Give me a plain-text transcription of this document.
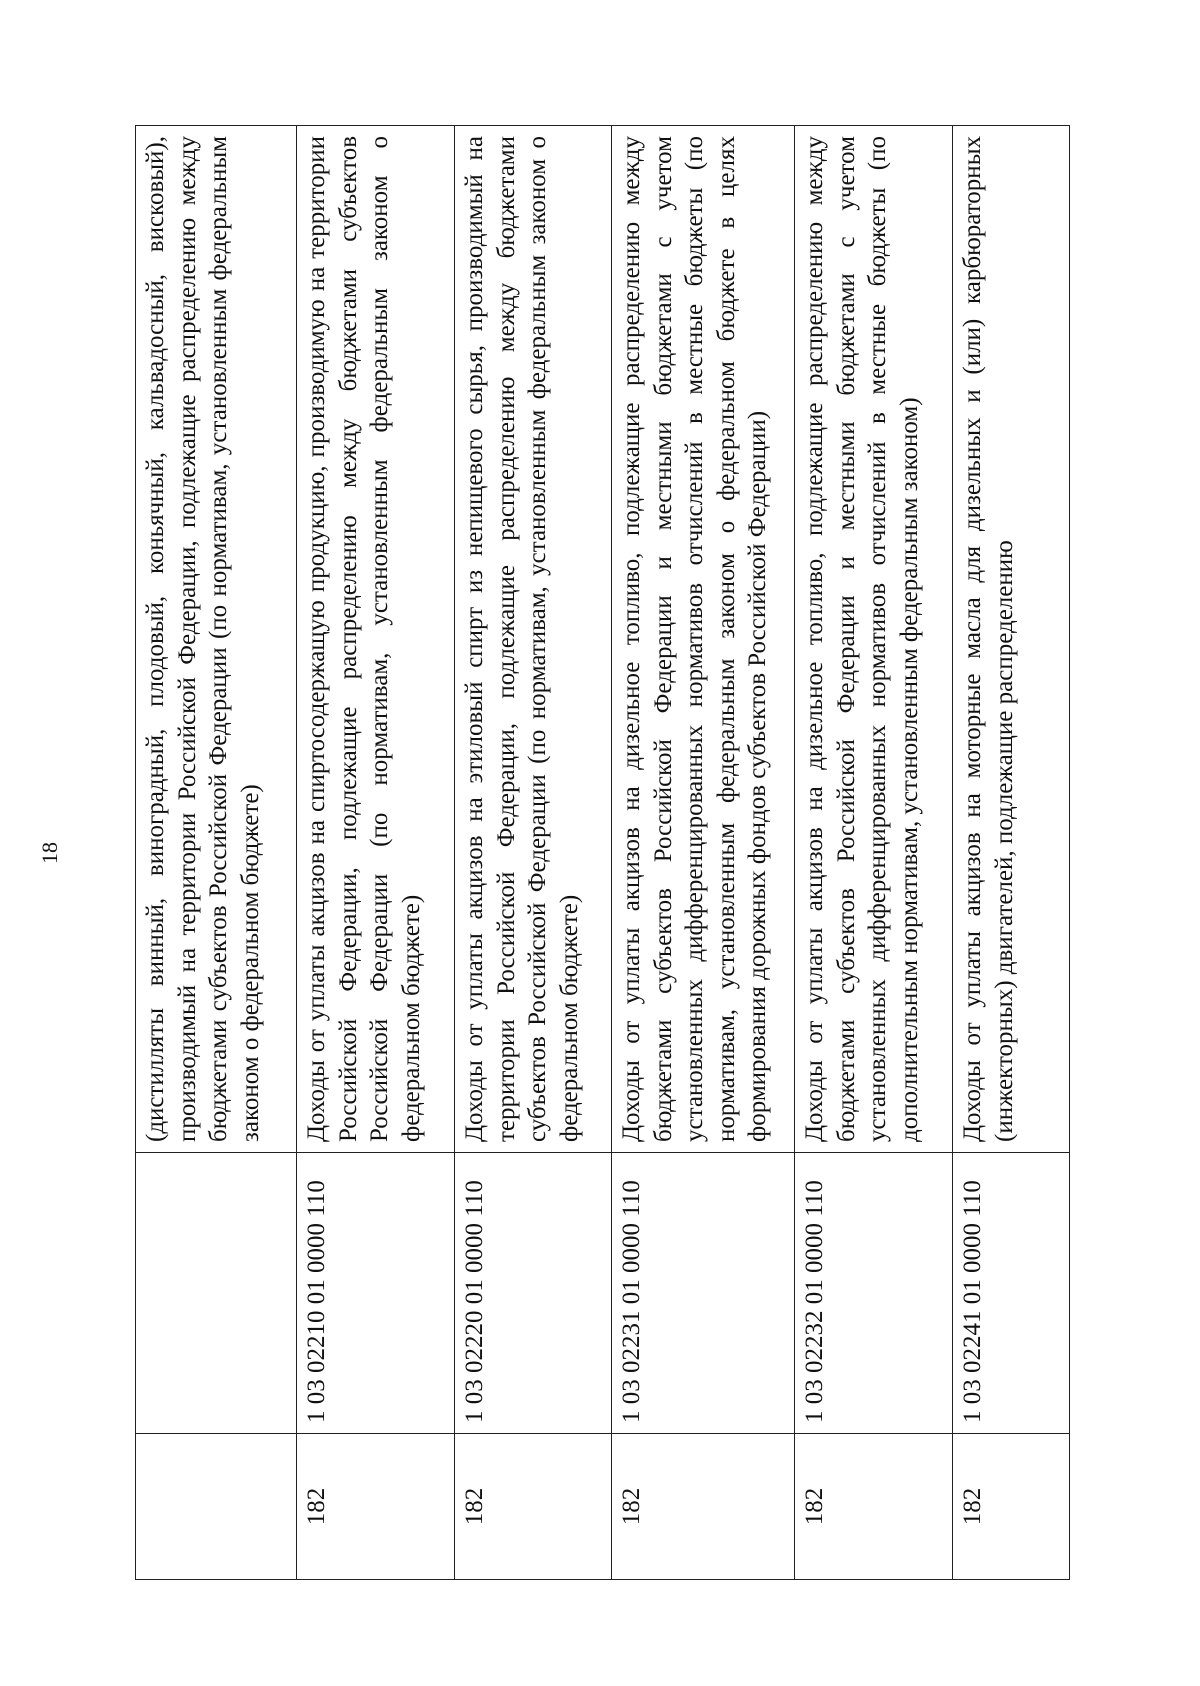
18
			(дистилляты винный, виноградный, плодовый, коньячный, кальвадосный, висковый), производимый на территории Российской Федерации, подлежащие распределению между бюджетами субъектов Российской Федерации (по нормативам, установленным федеральным законом о федеральном бюджете)
182	1 03 02210 01 0000 110	Доходы от уплаты акцизов на спиртосодержащую продукцию, производимую на территории Российской Федерации, подлежащие распределению между бюджетами субъектов Российской Федерации (по нормативам, установленным федеральным законом о федеральном бюджете)
182	1 03 02220 01 0000 110	Доходы от уплаты акцизов на этиловый спирт из непищевого сырья, производимый на территории Российской Федерации, подлежащие распределению между бюджетами субъектов Российской Федерации (по нормативам, установленным федеральным законом о федеральном бюджете)
182	1 03 02231 01 0000 110	Доходы от уплаты акцизов на дизельное топливо, подлежащие распределению между бюджетами субъектов Российской Федерации и местными бюджетами с учетом установленных дифференцированных нормативов отчислений в местные бюджеты (по нормативам, установленным федеральным законом о федеральном бюджете в целях формирования дорожных фондов субъектов Российской Федерации)
182	1 03 02232 01 0000 110	Доходы от уплаты акцизов на дизельное топливо, подлежащие распределению между бюджетами субъектов Российской Федерации и местными бюджетами с учетом установленных дифференцированных нормативов отчислений в местные бюджеты (по дополнительным нормативам, установленным федеральным законом)
182	1 03 02241 01 0000 110	Доходы от уплаты акцизов на моторные масла для дизельных и (или) карбюраторных (инжекторных) двигателей, подлежащие распределению
